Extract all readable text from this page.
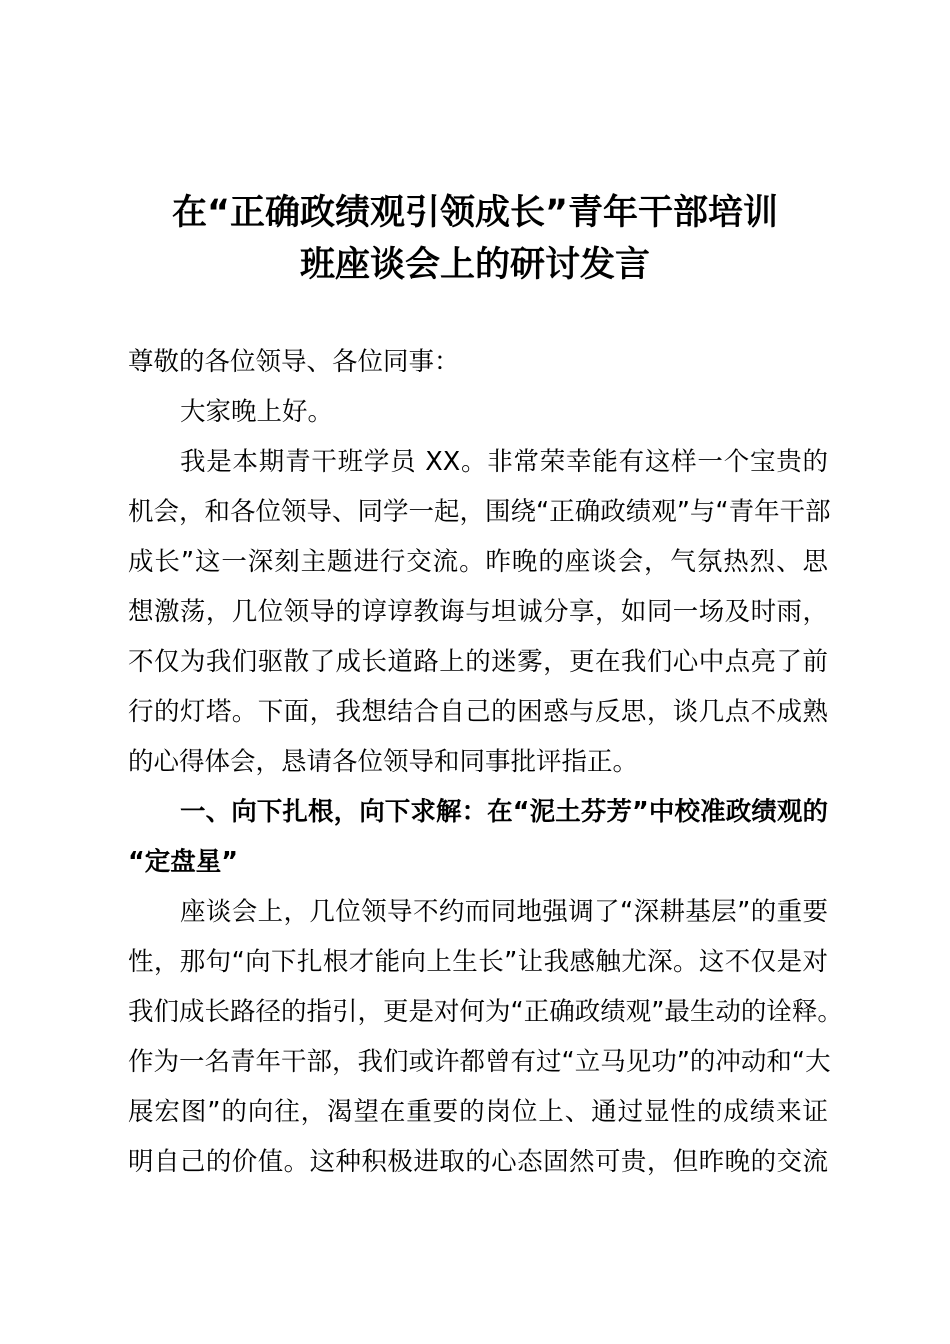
在“正确政绩观引领成长”青年干部培训
班座谈会上的研讨发言
尊敬的各位领导、各位同事：
大家晚上好。
我是本期青干班学员 XX。非常荣幸能有这样一个宝贵的
机会，和各位领导、同学一起，围绕“正确政绩观”与“青年干部
成长”这一深刻主题进行交流。昨晚的座谈会，气氛热烈、思
想激荡，几位领导的谆谆教诲与坦诚分享，如同一场及时雨，
不仅为我们驱散了成长道路上的迷雾，更在我们心中点亮了前
行的灯塔。下面，我想结合自己的困惑与反思，谈几点不成熟
的心得体会，恳请各位领导和同事批评指正。
一、向下扎根，向下求解：在“泥土芬芳”中校准政绩观的
“定盘星”
座谈会上，几位领导不约而同地强调了“深耕基层”的重要
性，那句“向下扎根才能向上生长”让我感触尤深。这不仅是对
我们成长路径的指引，更是对何为“正确政绩观”最生动的诠释。
作为一名青年干部，我们或许都曾有过“立马见功”的冲动和“大
展宏图”的向往，渴望在重要的岗位上、通过显性的成绩来证
明自己的价值。这种积极进取的心态固然可贵，但昨晚的交流
